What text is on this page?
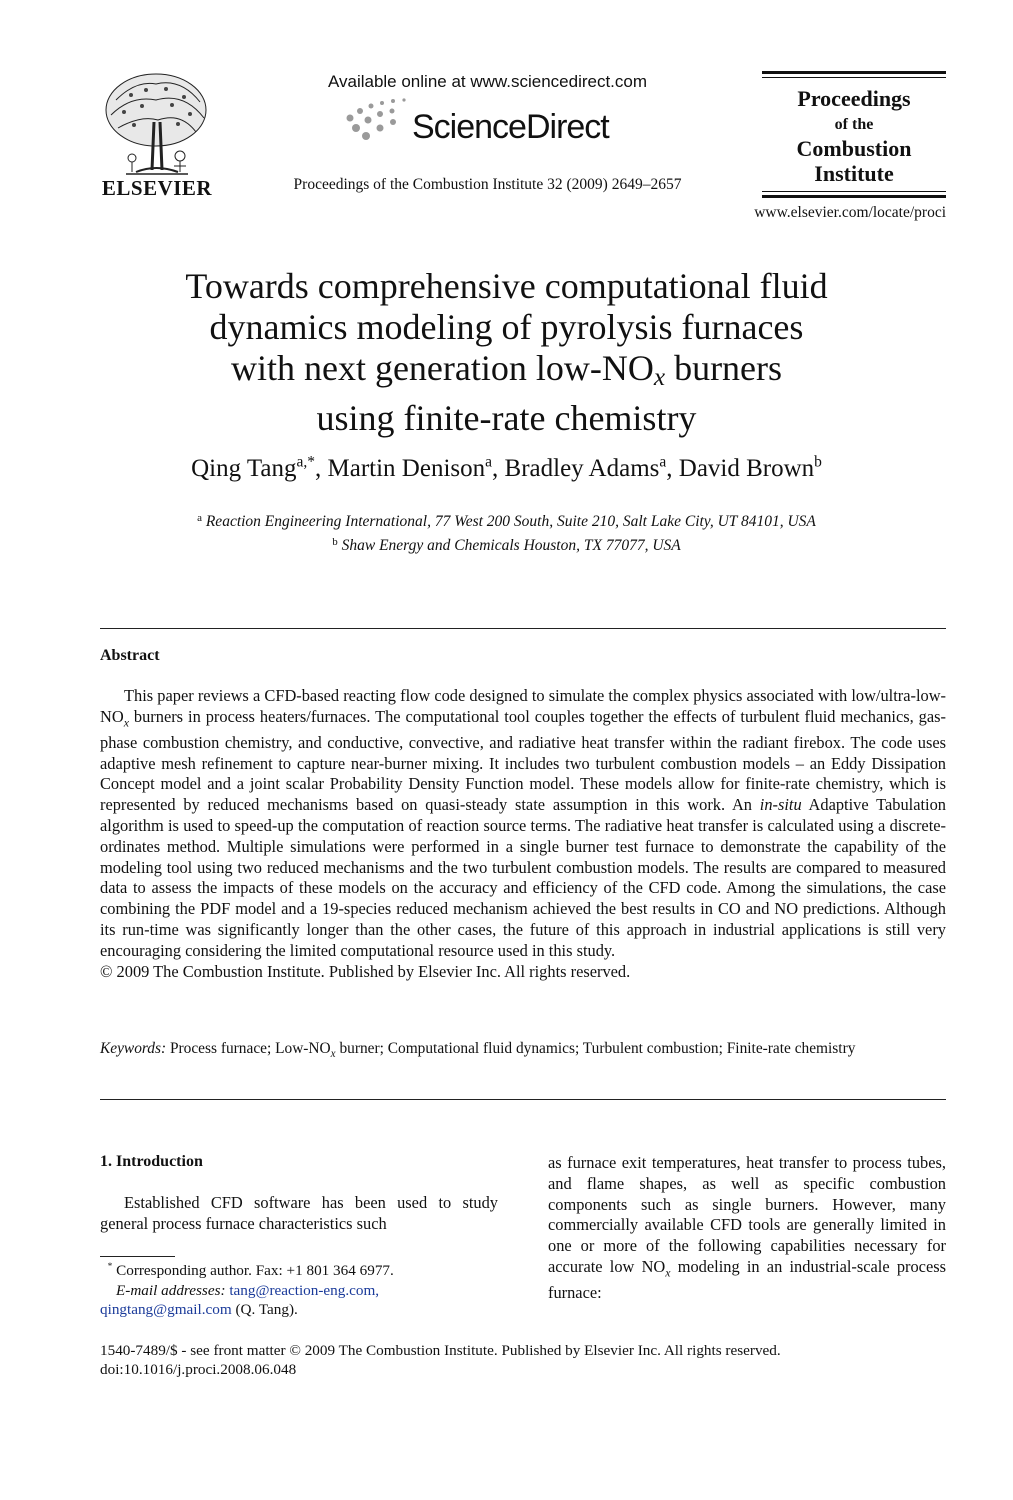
ELSEVIER
Available online at www.sciencedirect.com
ScienceDirect
Proceedings of the Combustion Institute 32 (2009) 2649–2657
Proceedings
of the
Combustion
Institute
www.elsevier.com/locate/proci
Towards comprehensive computational fluid
dynamics modeling of pyrolysis furnaces
with next generation low-$NO_x$ burners
using finite-rate chemistry
Qing Tang$^{a,*}$, Martin Denison$^a$, Bradley Adams$^a$, David Brown$^b$
$^a$ Reaction Engineering International, 77 West 200 South, Suite 210, Salt Lake City, UT 84101, USA
$^b$ Shaw Energy and Chemicals Houston, TX 77077, USA
Abstract

This paper reviews a CFD-based reacting flow code designed to simulate the complex physics associated with low/$ultra-low-NO_x$ burners in process heaters/furnaces. The computational tool couples together the effects of turbulent fluid mechanics, gas-phase combustion chemistry, and conductive, convective, and radiative heat transfer within the radiant firebox. The code uses adaptive mesh refinement to capture near-burner mixing. It includes two turbulent combustion models – an Eddy Dissipation Concept model and a joint scalar Probability Density Function model. These models allow for finite-rate chemistry, which is represented by reduced mechanisms based on quasi-steady state assumption in this work. An in-situ Adaptive Tabulation algorithm is used to speed-up the computation of reaction source terms. The radiative heat transfer is calculated using a discrete-ordinates method. Multiple simulations were performed in a single burner test furnace to demonstrate the capability of the modeling tool using two reduced mechanisms and the two turbulent combustion models. The results are compared to measured data to assess the impacts of these models on the accuracy and efficiency of the CFD code. Among the simulations, the case combining the PDF model and a 19-species reduced mechanism achieved the best results in CO and NO predictions. Although its run-time was significantly longer than the other cases, the future of this approach in industrial applications is still very encouraging considering the limited computational resource used in this study.

© 2009 The Combustion Institute. Published by Elsevier Inc. All rights reserved.

Keywords: Process furnace; Low-$NO_x$ burner; Computational fluid dynamics; Turbulent combustion; Finite-rate chemistry
1. Introduction
Established CFD software has been used to study general process furnace characteristics such
as furnace exit temperatures, heat transfer to process tubes, and flame shapes, as well as specific combustion components such as single burners. However, many commercially available CFD tools are generally limited in one or more of the following capabilities necessary for accurate low $NO_x$ modeling in an industrial-scale process furnace:
* Corresponding author. Fax: +1 801 364 6977.
E-mail addresses: tang@reaction-eng.com, qingtang@gmail.com (Q. Tang).
1540-7489/$ - see front matter © 2009 The Combustion Institute. Published by Elsevier Inc. All rights reserved.
doi:10.1016/j.proci.2008.06.048
